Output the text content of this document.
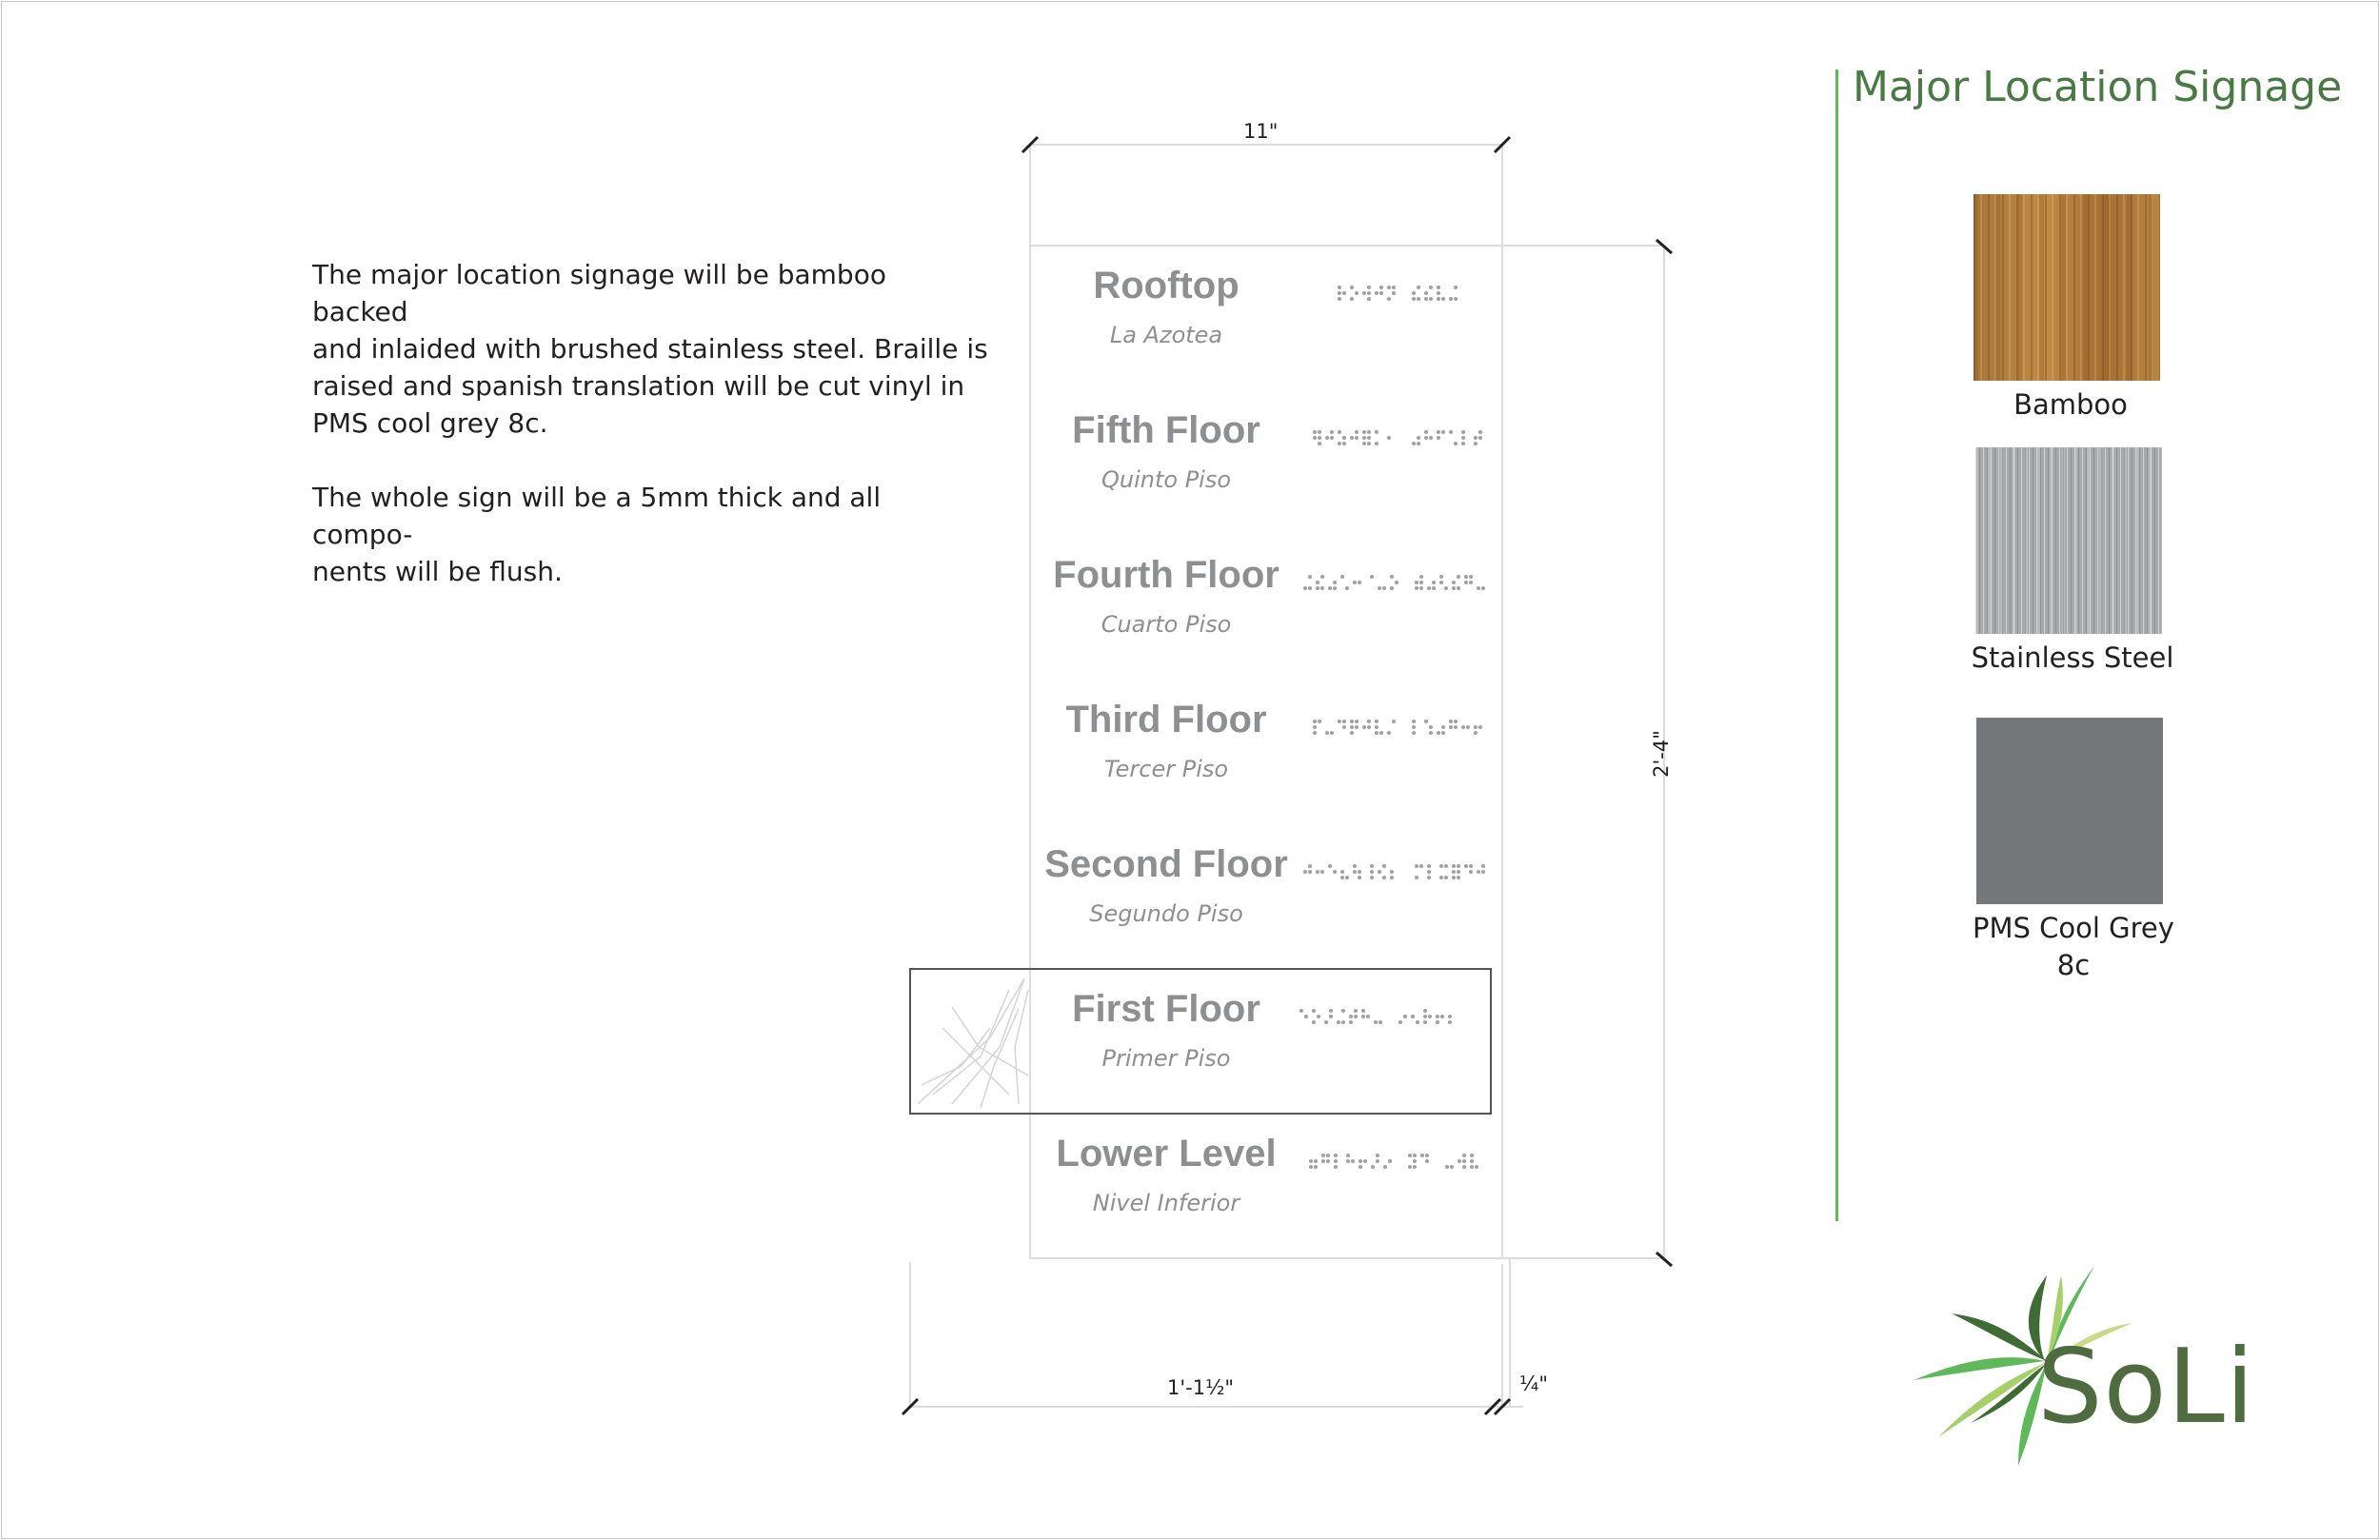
The major location signage will be bamboo backed
and inlaided with brushed stainless steel. Braille is
raised and spanish translation will be cut vinyl in
PMS cool grey 8c.

The whole sign will be a 5mm thick and all compo-
nents will be flush.

11"
2'-4"
1'-1½"	¼"
Rooftop
La Azotea
Fifth Floor
Quinto Piso
Fourth Floor
Cuarto Piso
Third Floor
Tercer Piso
Second Floor
Segundo Piso
First Floor
Primer Piso
Lower Level
Nivel Inferior
Major Location Signage
Bamboo
Stainless Steel
PMS Cool Grey
8c
SoLi
